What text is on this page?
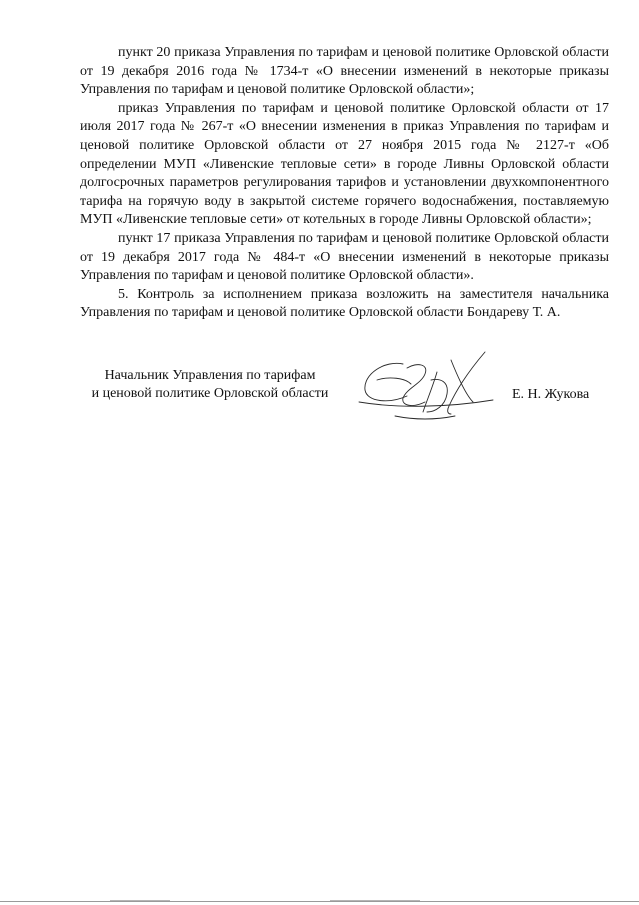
пункт 20 приказа Управления по тарифам и ценовой политике Орловской области от 19 декабря 2016 года № 1734-т «О внесении изменений в некоторые приказы Управления по тарифам и ценовой политике Орловской области»;

приказ Управления по тарифам и ценовой политике Орловской области от 17 июля 2017 года № 267-т «О внесении изменения в приказ Управления по тарифам и ценовой политике Орловской области от 27 ноября 2015 года № 2127-т «Об определении МУП «Ливенские тепловые сети» в городе Ливны Орловской области долгосрочных параметров регулирования тарифов и установлении двухкомпонентного тарифа на горячую воду в закрытой системе горячего водоснабжения, поставляемую МУП «Ливенские тепловые сети» от котельных в городе Ливны Орловской области»;

пункт 17 приказа Управления по тарифам и ценовой политике Орловской области от 19 декабря 2017 года № 484-т «О внесении изменений в некоторые приказы Управления по тарифам и ценовой политике Орловской области».

5. Контроль за исполнением приказа возложить на заместителя начальника Управления по тарифам и ценовой политике Орловской области Бондареву Т. А.

Начальник Управления по тарифам
и ценовой политике Орловской области	Е. Н. Жукова
